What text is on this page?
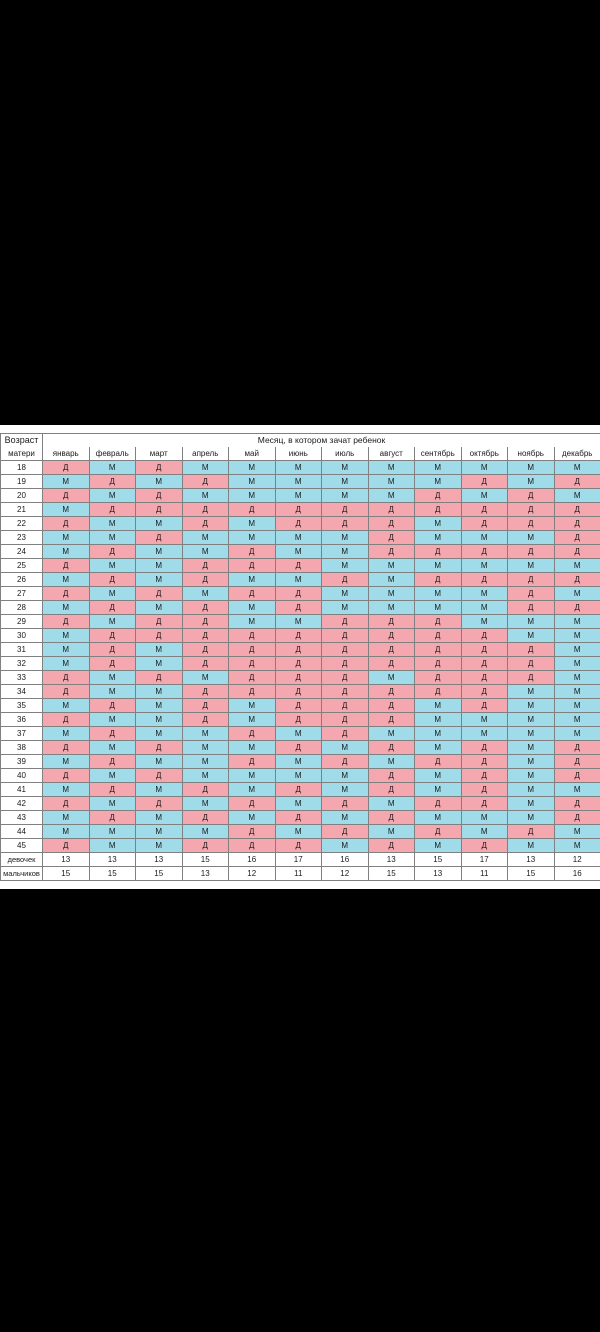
Возраст	Месяц, в котором зачат ребенок											
матери	январь	февраль	март	апрель	май	июнь	июль	август	сентябрь	октябрь	ноябрь	декабрь
18	Д	М	Д	М	М	М	М	М	М	М	М	М
19	М	Д	М	Д	М	М	М	М	М	Д	М	Д
20	Д	М	Д	М	М	М	М	М	Д	М	Д	М
21	М	Д	Д	Д	Д	Д	Д	Д	Д	Д	Д	Д
22	Д	М	М	Д	М	Д	Д	Д	М	Д	Д	Д
23	М	М	Д	М	М	М	М	Д	М	М	М	Д
24	М	Д	М	М	Д	М	М	Д	Д	Д	Д	Д
25	Д	М	М	Д	Д	Д	М	М	М	М	М	М
26	М	Д	М	Д	М	М	Д	М	Д	Д	Д	Д
27	Д	М	Д	М	Д	Д	М	М	М	М	Д	М
28	М	Д	М	Д	М	Д	М	М	М	М	Д	Д
29	Д	М	Д	Д	М	М	Д	Д	Д	М	М	М
30	М	Д	Д	Д	Д	Д	Д	Д	Д	Д	М	М
31	М	Д	М	Д	Д	Д	Д	Д	Д	Д	Д	М
32	М	Д	М	Д	Д	Д	Д	Д	Д	Д	Д	М
33	Д	М	Д	М	Д	Д	Д	М	Д	Д	Д	М
34	Д	М	М	Д	Д	Д	Д	Д	Д	Д	М	М
35	М	Д	М	Д	М	Д	Д	Д	М	Д	М	М
36	Д	М	М	Д	М	Д	Д	Д	М	М	М	М
37	М	Д	М	М	Д	М	Д	М	М	М	М	М
38	Д	М	Д	М	М	Д	М	Д	М	Д	М	Д
39	М	Д	М	М	Д	М	Д	М	Д	Д	М	Д
40	Д	М	Д	М	М	М	М	Д	М	Д	М	Д
41	М	Д	М	Д	М	Д	М	Д	М	Д	М	М
42	Д	М	Д	М	Д	М	Д	М	Д	Д	М	Д
43	М	Д	М	Д	М	Д	М	Д	М	М	М	Д
44	М	М	М	М	Д	М	Д	М	Д	М	Д	М
45	Д	М	М	Д	Д	Д	М	Д	М	Д	М	М
девочек	13	13	13	15	16	17	16	13	15	17	13	12
мальчиков	15	15	15	13	12	11	12	15	13	11	15	16
